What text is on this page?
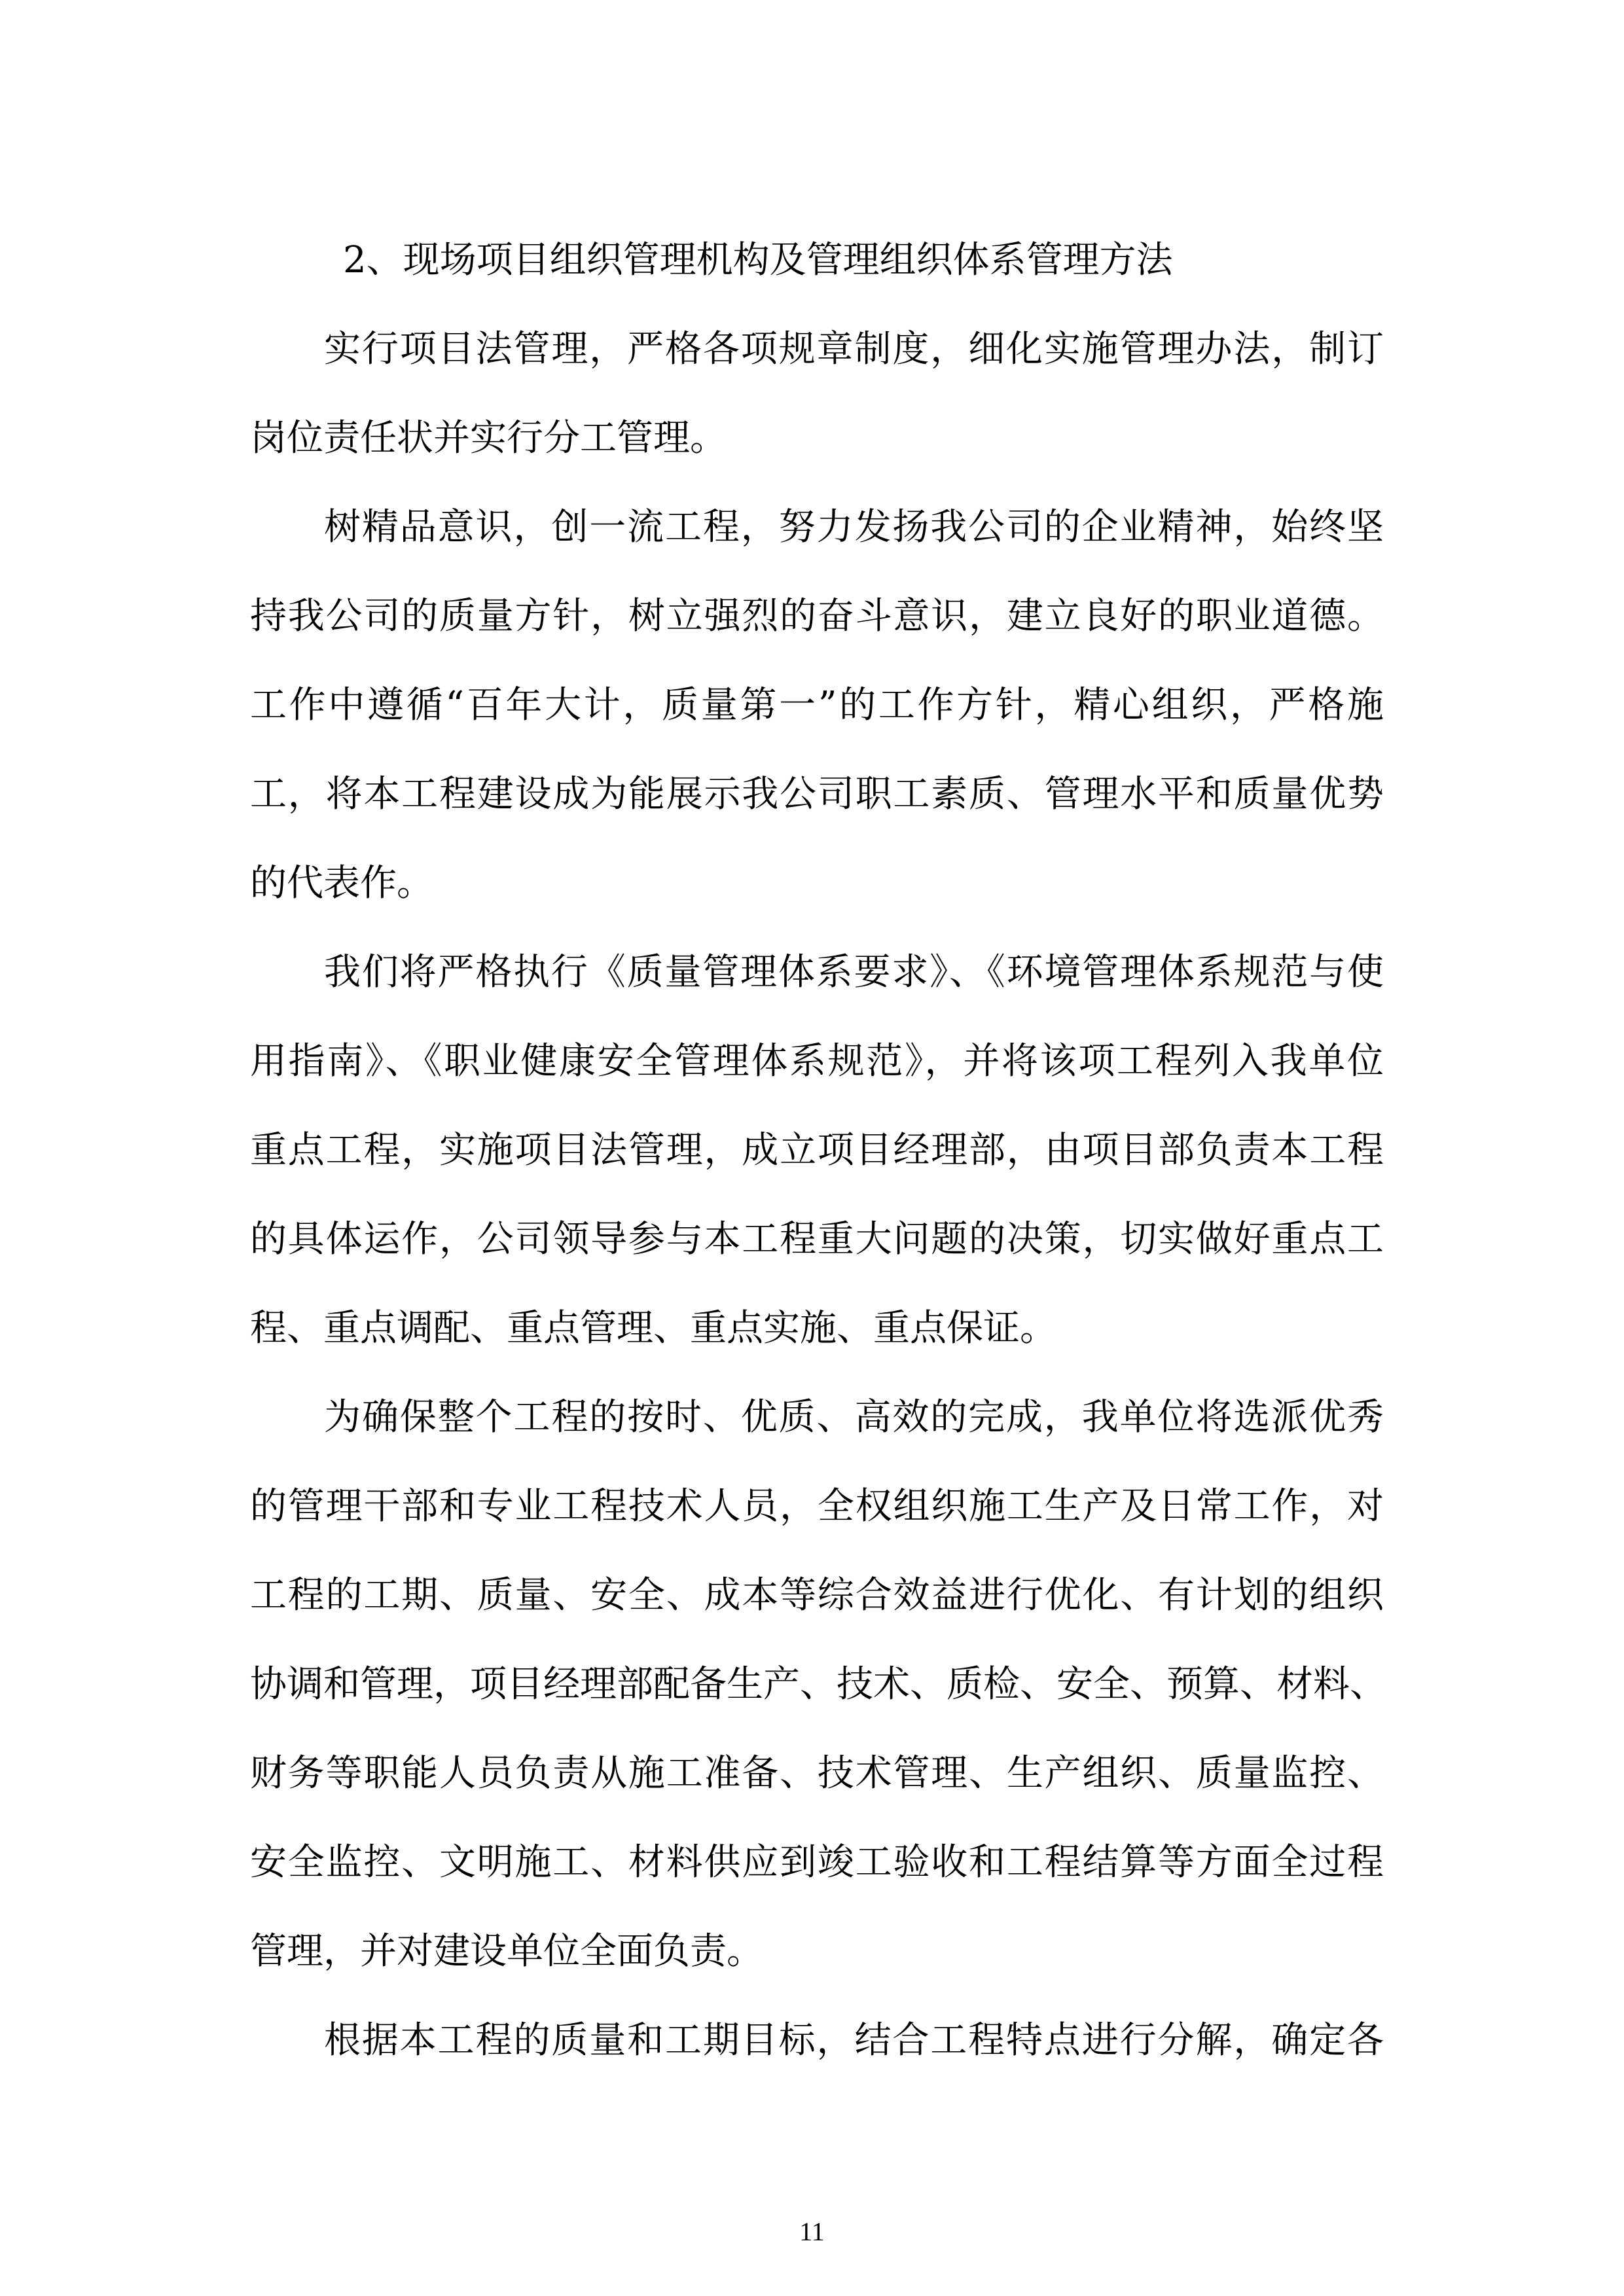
2、现场项目组织管理机构及管理组织体系管理方法
实行项目法管理，严格各项规章制度，细化实施管理办法，制订
岗位责任状并实行分工管理。
树精品意识，创一流工程，努力发扬我公司的企业精神，始终坚
持我公司的质量方针，树立强烈的奋斗意识，建立良好的职业道德。
工作中遵循“百年大计，质量第一”的工作方针，精心组织，严格施
工，将本工程建设成为能展示我公司职工素质、管理水平和质量优势
的代表作。
我们将严格执行《质量管理体系要求》、《环境管理体系规范与使
用指南》、《职业健康安全管理体系规范》，并将该项工程列入我单位
重点工程，实施项目法管理，成立项目经理部，由项目部负责本工程
的具体运作，公司领导参与本工程重大问题的决策，切实做好重点工
程、重点调配、重点管理、重点实施、重点保证。
为确保整个工程的按时、优质、高效的完成，我单位将选派优秀
的管理干部和专业工程技术人员，全权组织施工生产及日常工作，对
工程的工期、质量、安全、成本等综合效益进行优化、有计划的组织
协调和管理，项目经理部配备生产、技术、质检、安全、预算、材料、
财务等职能人员负责从施工准备、技术管理、生产组织、质量监控、
安全监控、文明施工、材料供应到竣工验收和工程结算等方面全过程
管理，并对建设单位全面负责。
根据本工程的质量和工期目标，结合工程特点进行分解，确定各
11
